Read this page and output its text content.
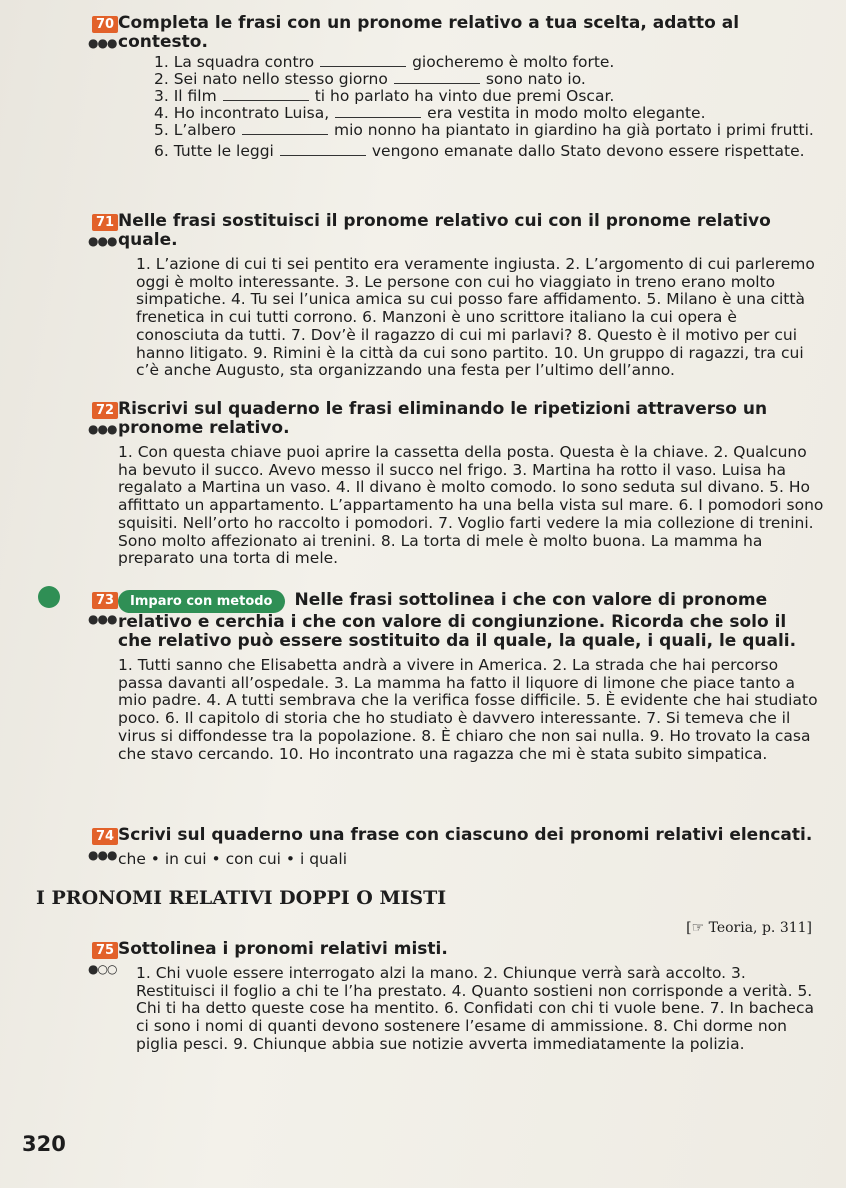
70
●●●
Completa le frasi con un pronome relativo a tua scelta, adatto al contesto.
1. La squadra contro	giocheremo è molto forte.
2. Sei nato nello stesso giorno	sono nato io.
3. Il film	ti ho parlato ha vinto due premi Oscar.
4. Ho incontrato Luisa,	era vestita in modo molto elegante.
5. L’albero	mio nonno ha piantato in giardino ha già portato i primi frutti.
6. Tutte le leggi	vengono emanate dallo Stato devono essere rispettate.
71
●●●
Nelle frasi sostituisci il pronome relativo cui con il pronome relativo quale.
1. L’azione di cui ti sei pentito era veramente ingiusta. 2. L’argomento di cui parleremo oggi è molto interessante. 3. Le persone con cui ho viaggiato in treno erano molto simpatiche. 4. Tu sei l’unica amica su cui posso fare affidamento. 5. Milano è una città frenetica in cui tutti corrono. 6. Manzoni è uno scrittore italiano la cui opera è conosciuta da tutti. 7. Dov’è il ragazzo di cui mi parlavi? 8. Questo è il motivo per cui hanno litigato. 9. Rimini è la città da cui sono partito. 10. Un gruppo di ragazzi, tra cui c’è anche Augusto, sta organizzando una festa per l’ultimo dell’anno.
72
●●●
Riscrivi sul quaderno le frasi eliminando le ripetizioni attraverso un pronome relativo.
1. Con questa chiave puoi aprire la cassetta della posta. Questa è la chiave. 2. Qualcuno ha bevuto il succo. Avevo messo il succo nel frigo. 3. Martina ha rotto il vaso. Luisa ha regalato a Martina un vaso. 4. Il divano è molto comodo. Io sono seduta sul divano. 5. Ho affittato un appartamento. L’appartamento ha una bella vista sul mare. 6. I pomodori sono squisiti. Nell’orto ho raccolto i pomodori. 7. Voglio farti vedere la mia collezione di trenini. Sono molto affezionato ai trenini. 8. La torta di mele è molto buona. La mamma ha preparato una torta di mele.
73
●●●
Imparo con metodo Nelle frasi sottolinea i che con valore di pronome relativo e cerchia i che con valore di congiunzione. Ricorda che solo il che relativo può essere sostituito da il quale, la quale, i quali, le quali.
1. Tutti sanno che Elisabetta andrà a vivere in America. 2. La strada che hai percorso passa davanti all’ospedale. 3. La mamma ha fatto il liquore di limone che piace tanto a mio padre. 4. A tutti sembrava che la verifica fosse difficile. 5. È evidente che hai studiato poco. 6. Il capitolo di storia che ho studiato è davvero interessante. 7. Si temeva che il virus si diffondesse tra la popolazione. 8. È chiaro che non sai nulla. 9. Ho trovato la casa che stavo cercando. 10. Ho incontrato una ragazza che mi è stata subito simpatica.
74
●●●
Scrivi sul quaderno una frase con ciascuno dei pronomi relativi elencati.
che • in cui • con cui • i quali
I PRONOMI RELATIVI DOPPI O MISTI
[☞ Teoria, p. 311]
75
●○○
Sottolinea i pronomi relativi misti.
1. Chi vuole essere interrogato alzi la mano. 2. Chiunque verrà sarà accolto. 3. Restituisci il foglio a chi te l’ha prestato. 4. Quanto sostieni non corrisponde a verità. 5. Chi ti ha detto queste cose ha mentito. 6. Confidati con chi ti vuole bene. 7. In bacheca ci sono i nomi di quanti devono sostenere l’esame di ammissione. 8. Chi dorme non piglia pesci. 9. Chiunque abbia sue notizie avverta immediatamente la polizia.
320
